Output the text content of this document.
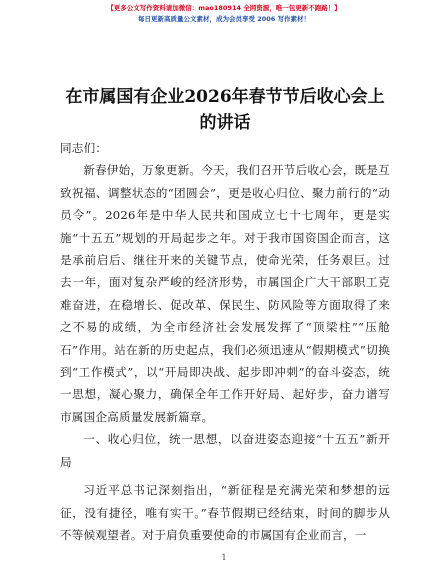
【更多公文写作资料请加微信：mao180914 全网资源，唯一包更新不跑路！】
每日更新高质量公文素材，成为会员享受 2006 写作素材！
在市属国有企业2026年春节节后收心会上的讲话

同志们：

新春伊始，万象更新。今天，我们召开节后收心会，既是互致祝福、调整状态的“团圆会”，更是收心归位、聚力前行的“动员令”。2026年是中华人民共和国成立七十七周年，更是实施“十五五”规划的开局起步之年。对于我市国资国企而言，这是承前启后、继往开来的关键节点，使命光荣，任务艰巨。过去一年，面对复杂严峻的经济形势，市属国企广大干部职工克难奋进，在稳增长、促改革、保民生、防风险等方面取得了来之不易的成绩，为全市经济社会发展发挥了“顶梁柱”“压舱石”作用。站在新的历史起点，我们必须迅速从“假期模式”切换到“工作模式”，以“开局即决战、起步即冲刺”的奋斗姿态，统一思想，凝心聚力，确保全年工作开好局、起好步，奋力谱写市属国企高质量发展新篇章。

一、收心归位，统一思想，以奋进姿态迎接“十五五”新开局

习近平总书记深刻指出，“新征程是充满光荣和梦想的远征，没有捷径，唯有实干。”春节假期已经结束，时间的脚步从不等候观望者。对于肩负重要使命的市属国有企业而言，一

1
